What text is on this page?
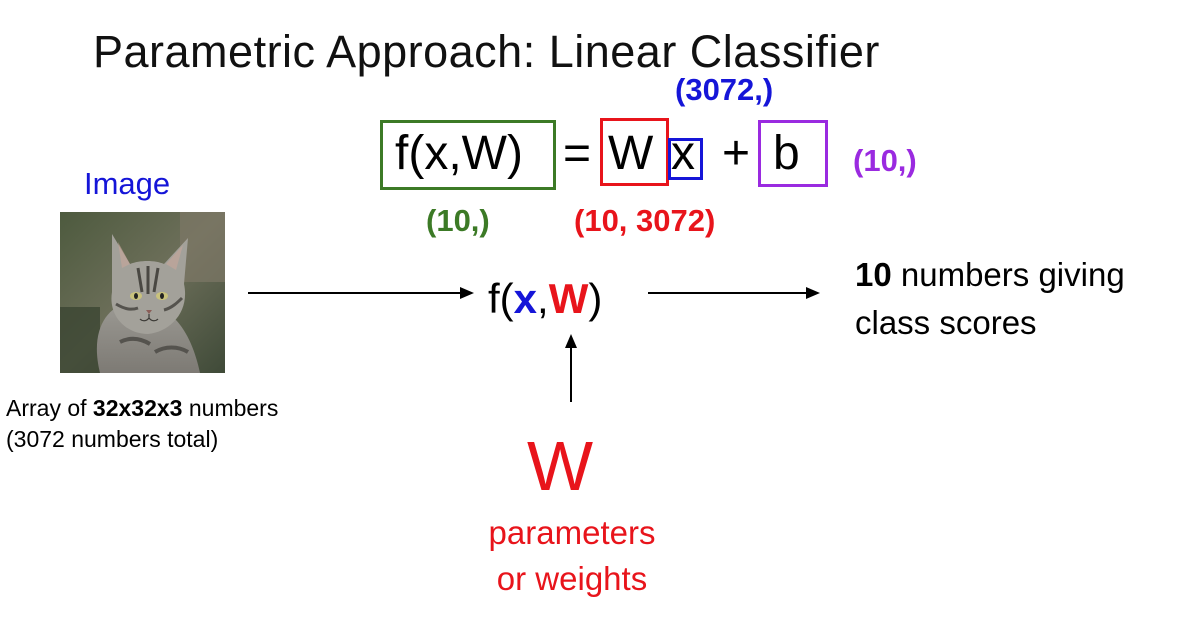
Parametric Approach: Linear Classifier
(3072,)
f(x,W) = W x + b (10,)
(10,)	(10, 3072)
Image
Array of 32x32x3 numbers
(3072 numbers total)
f(x,W)
10 numbers giving
class scores
W
parameters
or weights
